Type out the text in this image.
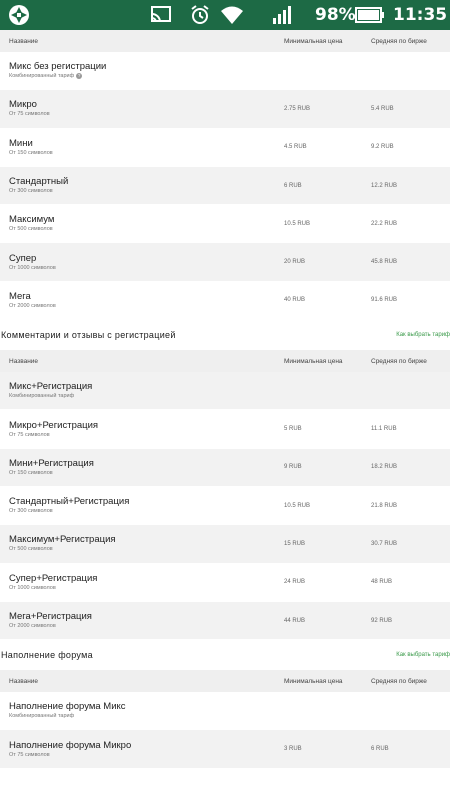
98% 11:35
Название	Минимальная цена	Средняя по бирже
Микс без регистрации
Комбинированный тариф ?
Микро
От 75 символов
2.75 RUB	5.4 RUB
Мини
От 150 символов
4.5 RUB	9.2 RUB
Стандартный
От 300 символов
6 RUB	12.2 RUB
Максимум
От 500 символов
10.5 RUB	22.2 RUB
Супер
От 1000 символов
20 RUB	45.8 RUB
Мега
От 2000 символов
40 RUB	91.6 RUB
Комментарии и отзывы с регистрацией	Как выбрать тариф
Название	Минимальная цена	Средняя по бирже
Микс+Регистрация
Комбинированный тариф
Микро+Регистрация
От 75 символов
5 RUB	11.1 RUB
Мини+Регистрация
От 150 символов
9 RUB	18.2 RUB
Стандартный+Регистрация
От 300 символов
10.5 RUB	21.8 RUB
Максимум+Регистрация
От 500 символов
15 RUB	30.7 RUB
Супер+Регистрация
От 1000 символов
24 RUB	48 RUB
Мега+Регистрация
От 2000 символов
44 RUB	92 RUB
Наполнение форума	Как выбрать тариф
Название	Минимальная цена	Средняя по бирже
Наполнение форума Микс
Комбинированный тариф
Наполнение форума Микро
От 75 символов
3 RUB	6 RUB
